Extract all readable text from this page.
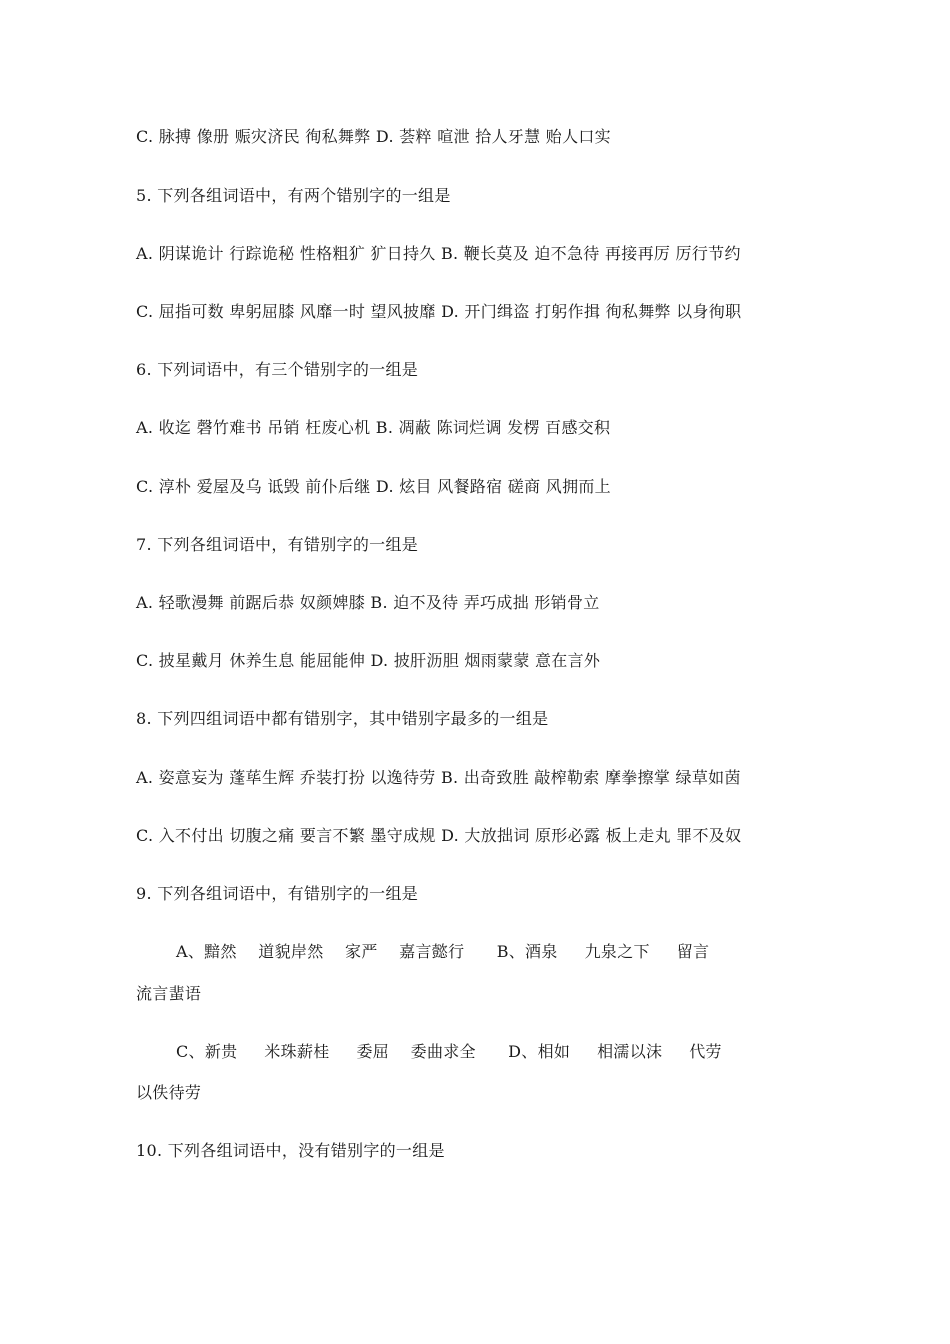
C. 脉搏 像册 赈灾济民 徇私舞弊 D. 荟粹 喧泄 拾人牙慧 贻人口实
5. 下列各组词语中，有两个错别字的一组是
A. 阴谋诡计 行踪诡秘 性格粗犷 犷日持久 B. 鞭长莫及 迫不急待 再接再厉 厉行节约
C. 屈指可数 卑躬屈膝 风靡一时 望风披靡 D. 开门缉盗 打躬作揖 徇私舞弊 以身徇职
6. 下列词语中，有三个错别字的一组是
A. 收迄 磬竹难书 吊销 枉废心机 B. 凋蔽 陈词烂调 发楞 百感交积
C. 淳朴 爱屋及乌 诋毁 前仆后继 D. 炫目 风餐路宿 磋商 风拥而上
7. 下列各组词语中，有错别字的一组是
A. 轻歌漫舞 前踞后恭 奴颜婢膝 B. 迫不及待 弄巧成拙 形销骨立
C. 披星戴月 休养生息 能屈能伸 D. 披肝沥胆 烟雨蒙蒙 意在言外
8. 下列四组词语中都有错别字，其中错别字最多的一组是
A. 姿意妄为 蓬荜生辉 乔装打扮 以逸待劳 B. 出奇致胜 敲榨勒索 摩拳擦掌 绿草如茵
C. 入不付出 切腹之痛 要言不繁 墨守成规 D. 大放拙词 原形必露 板上走丸 罪不及奴
9. 下列各组词语中，有错别字的一组是
A、黯然    道貌岸然    家严    嘉言懿行      B、酒泉     九泉之下     留言
流言蜚语
C、新贵     米珠薪桂     委屈    委曲求全      D、相如     相濡以沫     代劳
以佚待劳
10. 下列各组词语中，没有错别字的一组是
